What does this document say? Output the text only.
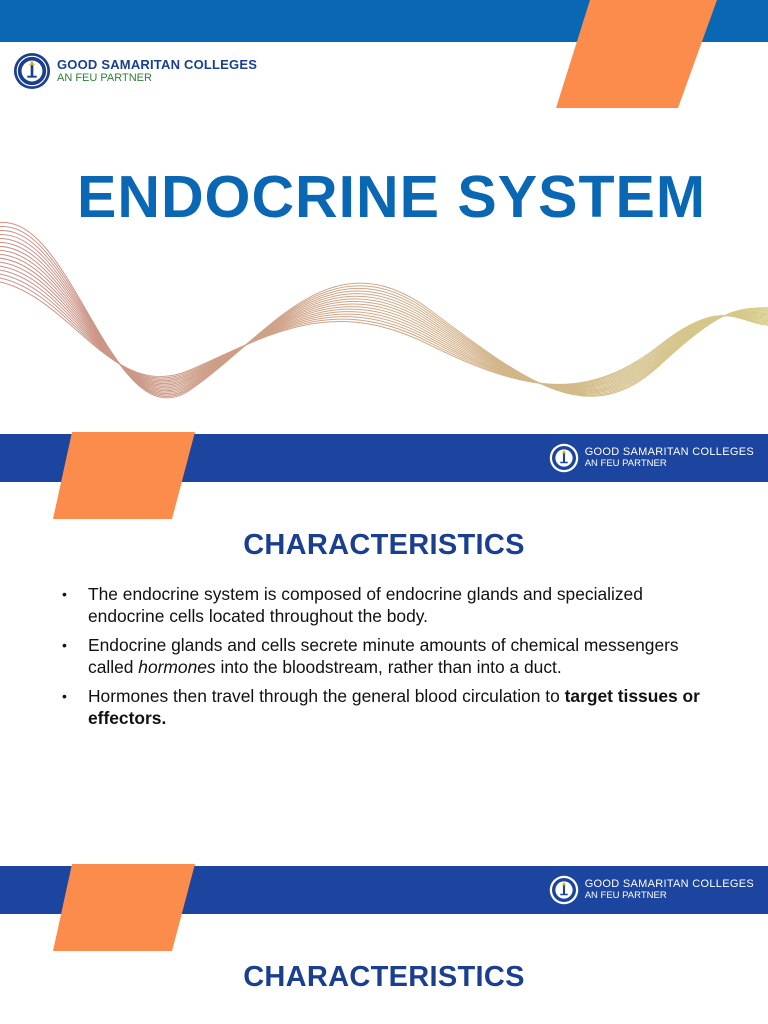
GOOD SAMARITAN COLLEGES
AN FEU PARTNER
ENDOCRINE SYSTEM
GOOD SAMARITAN COLLEGES
AN FEU PARTNER
CHARACTERISTICS
• The endocrine system is composed of endocrine glands and specialized endocrine cells located throughout the body.
• Endocrine glands and cells secrete minute amounts of chemical messengers called hormones into the bloodstream, rather than into a duct.
• Hormones then travel through the general blood circulation to target tissues or effectors.
GOOD SAMARITAN COLLEGES
AN FEU PARTNER
CHARACTERISTICS
